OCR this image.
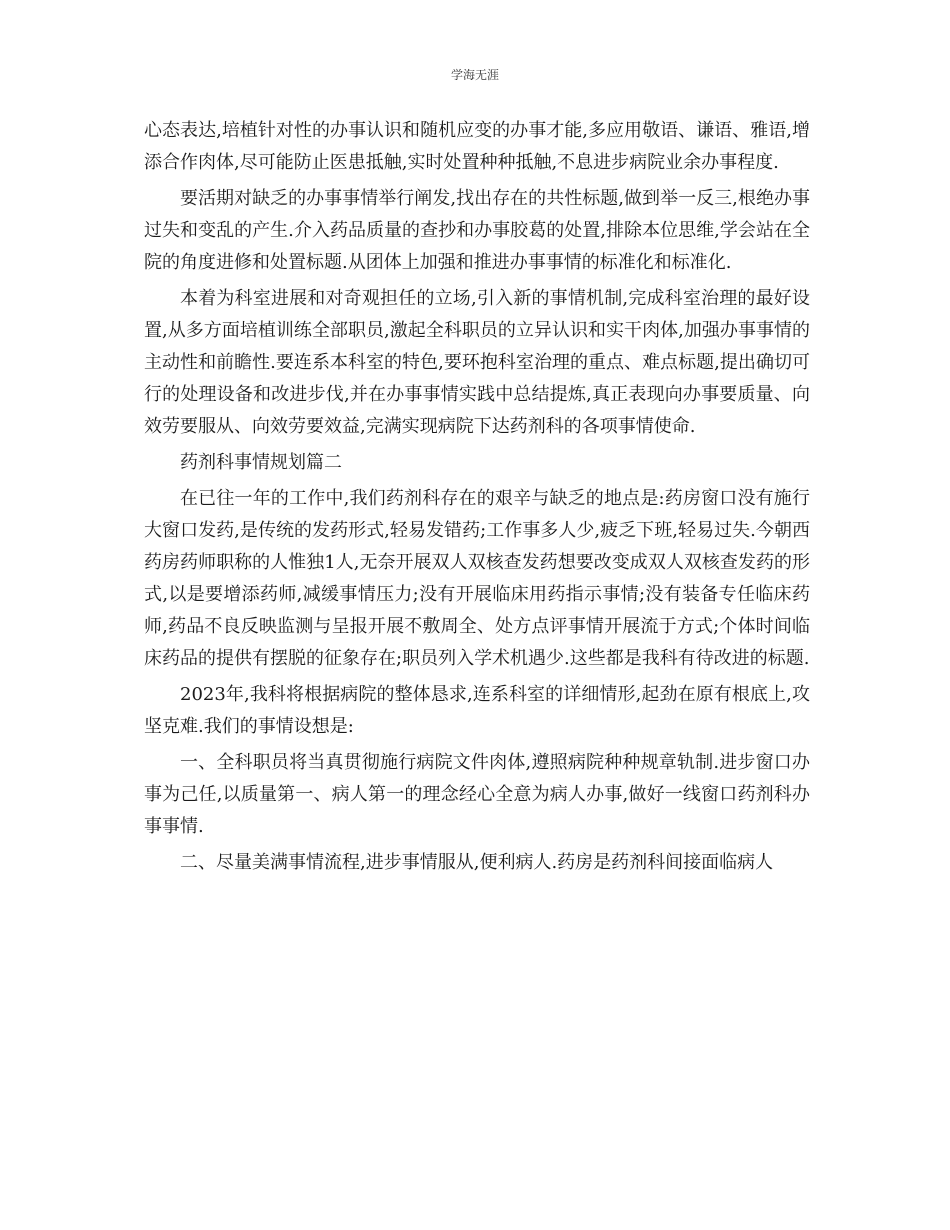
学海无涯

心态表达,培植针对性的办事认识和随机应变的办事才能,多应用敬语、谦语、雅语,增添合作肉体,尽可能防止医患抵触,实时处置种种抵触,不息进步病院业余办事程度.

要活期对缺乏的办事事情举行阐发,找出存在的共性标题,做到举一反三,根绝办事过失和变乱的产生.介入药品质量的查抄和办事胶葛的处置,排除本位思维,学会站在全院的角度进修和处置标题.从团体上加强和推进办事事情的标准化和标准化.

本着为科室进展和对奇观担任的立场,引入新的事情机制,完成科室治理的最好设置,从多方面培植训练全部职员,激起全科职员的立异认识和实干肉体,加强办事事情的主动性和前瞻性.要连系本科室的特色,要环抱科室治理的重点、难点标题,提出确切可行的处理设备和改进步伐,并在办事事情实践中总结提炼,真正表现向办事要质量、向效劳要服从、向效劳要效益,完满实现病院下达药剂科的各项事情使命.

药剂科事情规划篇二

在已往一年的工作中,我们药剂科存在的艰辛与缺乏的地点是:药房窗口没有施行大窗口发药,是传统的发药形式,轻易发错药;工作事多人少,疲乏下班,轻易过失.今朝西药房药师职称的人惟独1人,无奈开展双人双核查发药想要改变成双人双核查发药的形式,以是要增添药师,减缓事情压力;没有开展临床用药指示事情;没有装备专任临床药师,药品不良反映监测与呈报开展不敷周全、处方点评事情开展流于方式;个体时间临床药品的提供有摆脱的征象存在;职员列入学术机遇少.这些都是我科有待改进的标题.

2023年,我科将根据病院的整体恳求,连系科室的详细情形,起劲在原有根底上,攻坚克难.我们的事情设想是:

一、全科职员将当真贯彻施行病院文件肉体,遵照病院种种规章轨制.进步窗口办事为己任,以质量第一、病人第一的理念经心全意为病人办事,做好一线窗口药剂科办事事情.

二、尽量美满事情流程,进步事情服从,便利病人.药房是药剂科间接面临病人
